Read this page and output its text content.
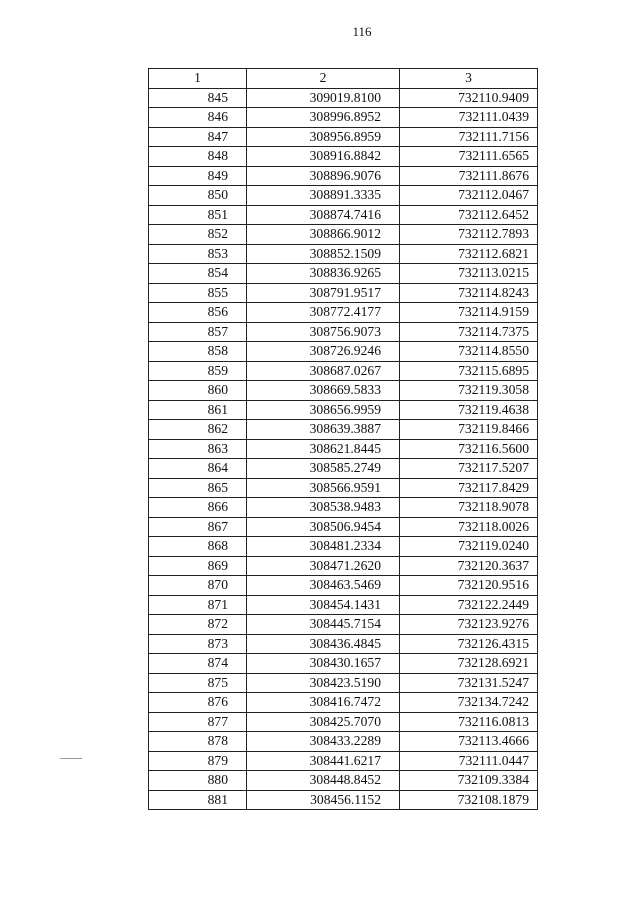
116
1	2	3
845	309019.8100	732110.9409
846	308996.8952	732111.0439
847	308956.8959	732111.7156
848	308916.8842	732111.6565
849	308896.9076	732111.8676
850	308891.3335	732112.0467
851	308874.7416	732112.6452
852	308866.9012	732112.7893
853	308852.1509	732112.6821
854	308836.9265	732113.0215
855	308791.9517	732114.8243
856	308772.4177	732114.9159
857	308756.9073	732114.7375
858	308726.9246	732114.8550
859	308687.0267	732115.6895
860	308669.5833	732119.3058
861	308656.9959	732119.4638
862	308639.3887	732119.8466
863	308621.8445	732116.5600
864	308585.2749	732117.5207
865	308566.9591	732117.8429
866	308538.9483	732118.9078
867	308506.9454	732118.0026
868	308481.2334	732119.0240
869	308471.2620	732120.3637
870	308463.5469	732120.9516
871	308454.1431	732122.2449
872	308445.7154	732123.9276
873	308436.4845	732126.4315
874	308430.1657	732128.6921
875	308423.5190	732131.5247
876	308416.7472	732134.7242
877	308425.7070	732116.0813
878	308433.2289	732113.4666
879	308441.6217	732111.0447
880	308448.8452	732109.3384
881	308456.1152	732108.1879
